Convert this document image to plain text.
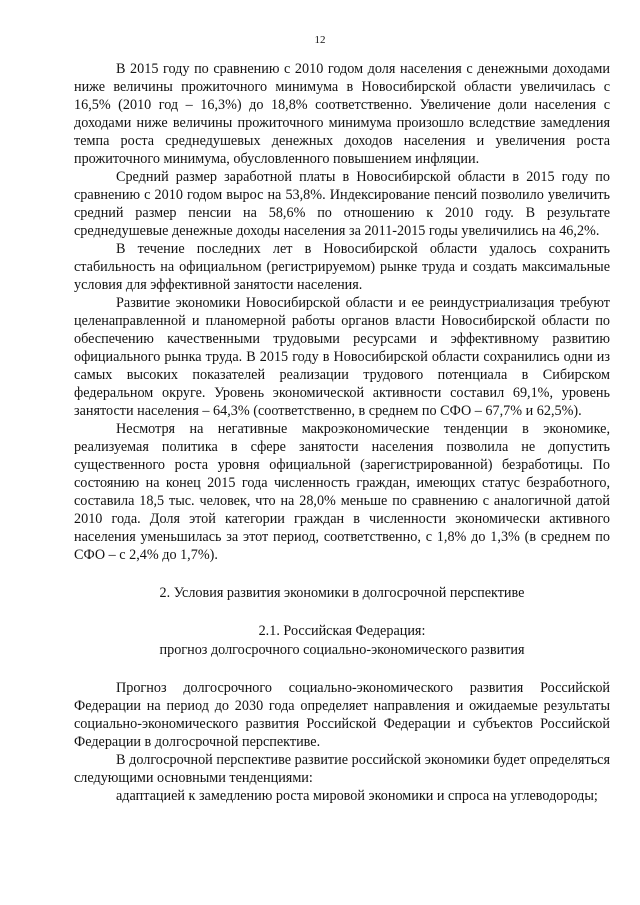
12

В 2015 году по сравнению с 2010 годом доля населения с денежными доходами ниже величины прожиточного минимума в Новосибирской области увеличилась с 16,5% (2010 год – 16,3%) до 18,8% соответственно. Увеличение доли населения с доходами ниже величины прожиточного минимума произошло вследствие замедления темпа роста среднедушевых денежных доходов населения и увеличения роста прожиточного минимума, обусловленного повышением инфляции.

Средний размер заработной платы в Новосибирской области в 2015 году по сравнению с 2010 годом вырос на 53,8%. Индексирование пенсий позволило увеличить средний размер пенсии на 58,6% по отношению к 2010 году. В результате среднедушевые денежные доходы населения за 2011-2015 годы увеличились на 46,2%.

В течение последних лет в Новосибирской области удалось сохранить стабильность на официальном (регистрируемом) рынке труда и создать максимальные условия для эффективной занятости населения.

Развитие экономики Новосибирской области и ее реиндустриализация требуют целенаправленной и планомерной работы органов власти Новосибирской области по обеспечению качественными трудовыми ресурсами и эффективному развитию официального рынка труда. В 2015 году в Новосибирской области сохранились одни из самых высоких показателей реализации трудового потенциала в Сибирском федеральном округе. Уровень экономической активности составил 69,1%, уровень занятости населения – 64,3% (соответственно, в среднем по СФО – 67,7% и 62,5%).

Несмотря на негативные макроэкономические тенденции в экономике, реализуемая политика в сфере занятости населения позволила не допустить существенного роста уровня официальной (зарегистрированной) безработицы. По состоянию на конец 2015 года численность граждан, имеющих статус безработного, составила 18,5 тыс. человек, что на 28,0% меньше по сравнению с аналогичной датой 2010 года. Доля этой категории граждан в численности экономически активного населения уменьшилась за этот период, соответственно, с 1,8% до 1,3% (в среднем по СФО – с 2,4% до 1,7%).

2. Условия развития экономики в долгосрочной перспективе

2.1. Российская Федерация:

прогноз долгосрочного социально-экономического развития

Прогноз долгосрочного социально-экономического развития Российской Федерации на период до 2030 года определяет направления и ожидаемые результаты социально-экономического развития Российской Федерации и субъектов Российской Федерации в долгосрочной перспективе.

В долгосрочной перспективе развитие российской экономики будет определяться следующими основными тенденциями:

адаптацией к замедлению роста мировой экономики и спроса на углеводороды;
